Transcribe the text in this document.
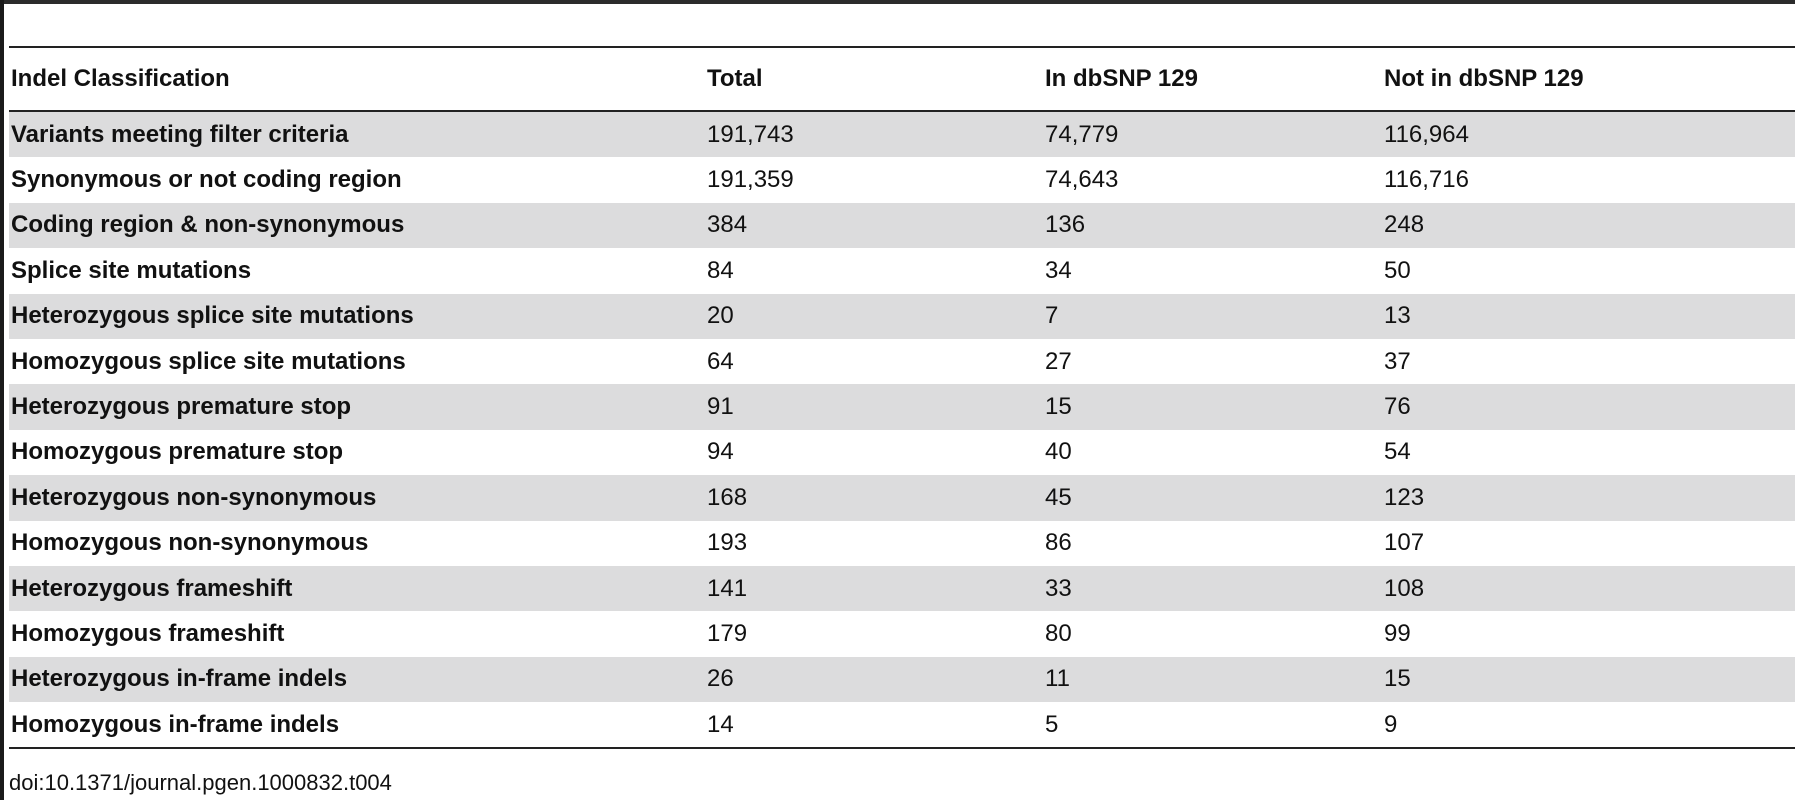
Indel Classification	Total	In dbSNP 129	Not in dbSNP 129
Variants meeting filter criteria	191,743	74,779	116,964
Synonymous or not coding region	191,359	74,643	116,716
Coding region & non-synonymous	384	136	248
Splice site mutations	84	34	50
Heterozygous splice site mutations	20	7	13
Homozygous splice site mutations	64	27	37
Heterozygous premature stop	91	15	76
Homozygous premature stop	94	40	54
Heterozygous non-synonymous	168	45	123
Homozygous non-synonymous	193	86	107
Heterozygous frameshift	141	33	108
Homozygous frameshift	179	80	99
Heterozygous in-frame indels	26	11	15
Homozygous in-frame indels	14	5	9
doi:10.1371/journal.pgen.1000832.t004
